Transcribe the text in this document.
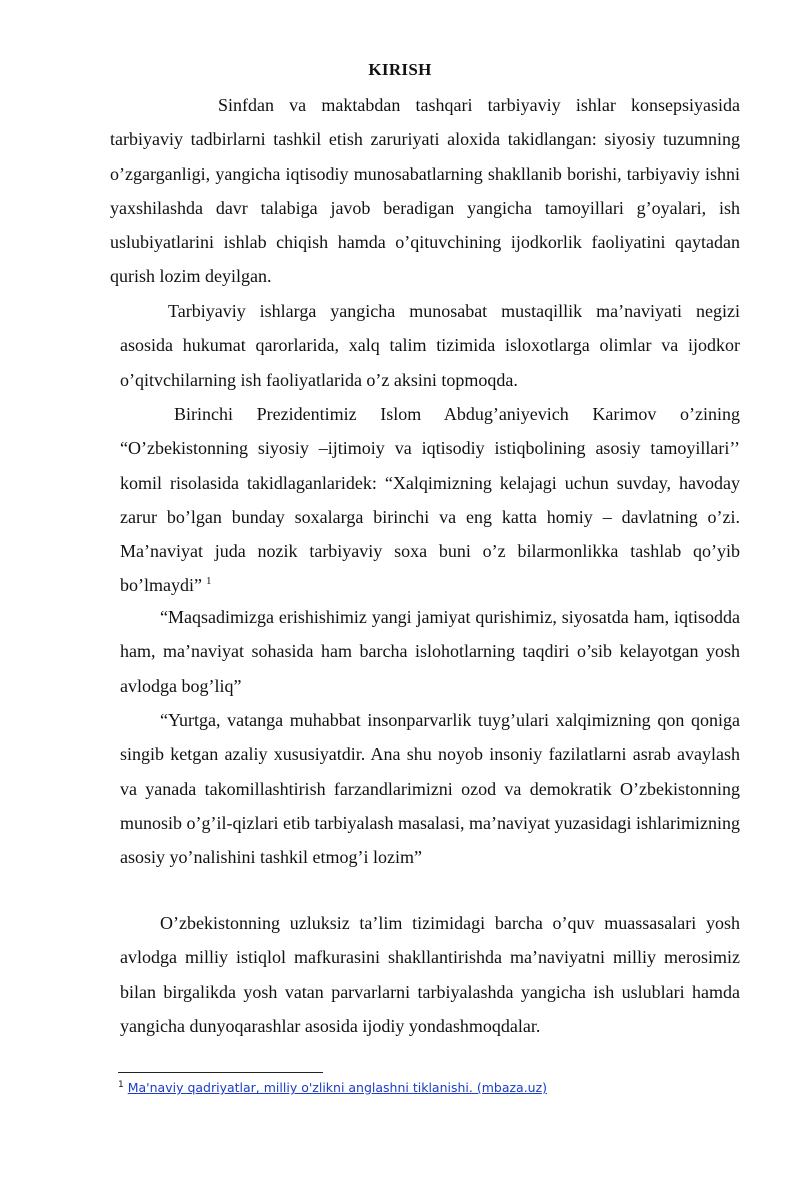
KIRISH

Sinfdan va maktabdan tashqari tarbiyaviy ishlar konsepsiyasida tarbiyaviy tadbirlarni tashkil etish zaruriyati aloxida takidlangan: siyosiy tuzumning o’zgarganligi, yangicha iqtisodiy munosabatlarning shakllanib borishi, tarbiyaviy ishni yaxshilashda davr talabiga javob beradigan yangicha tamoyillari g’oyalari, ish uslubiyatlarini ishlab chiqish hamda o’qituvchining ijodkorlik faoliyatini qaytadan qurish lozim deyilgan.

Tarbiyaviy ishlarga yangicha munosabat mustaqillik ma’naviyati negizi asosida hukumat qarorlarida, xalq talim tizimida isloxotlarga olimlar va ijodkor o’qitvchilarning ish faoliyatlarida o’z aksini topmoqda.

Birinchi Prezidentimiz Islom Abdug’aniyevich Karimov o’zining “O’zbekistonning siyosiy –ijtimoiy va iqtisodiy istiqbolining asosiy tamoyillari’’ komil risolasida takidlaganlaridek: “Xalqimizning kelajagi uchun suvday, havoday zarur bo’lgan bunday soxalarga birinchi va eng katta homiy – davlatning o’zi. Ma’naviyat juda nozik tarbiyaviy soxa buni o’z bilarmonlikka tashlab qo’yib bo’lmaydi” $^1$

“Maqsadimizga erishishimiz yangi jamiyat qurishimiz, siyosatda ham, iqtisodda ham, ma’naviyat sohasida ham barcha islohotlarning taqdiri o’sib kelayotgan yosh avlodga bog’liq”

“Yurtga, vatanga muhabbat insonparvarlik tuyg’ulari xalqimizning qon qoniga singib ketgan azaliy xususiyatdir. Ana shu noyob insoniy fazilatlarni asrab avaylash va yanada takomillashtirish farzandlarimizni ozod va demokratik O’zbekistonning munosib o’g’il-qizlari etib tarbiyalash masalasi, ma’naviyat yuzasidagi ishlarimizning asosiy yo’nalishini tashkil etmog’i lozim”

O’zbekistonning uzluksiz ta’lim tizimidagi barcha o’quv muassasalari yosh avlodga milliy istiqlol mafkurasini shakllantirishda ma’naviyatni milliy merosimiz bilan birgalikda yosh vatan parvarlarni tarbiyalashda yangicha ish uslublari hamda yangicha dunyoqarashlar asosida ijodiy yondashmoqdalar.

$^1$ Ma'naviy qadriyatlar, milliy o'zlikni anglashni tiklanishi. (mbaza.uz)
